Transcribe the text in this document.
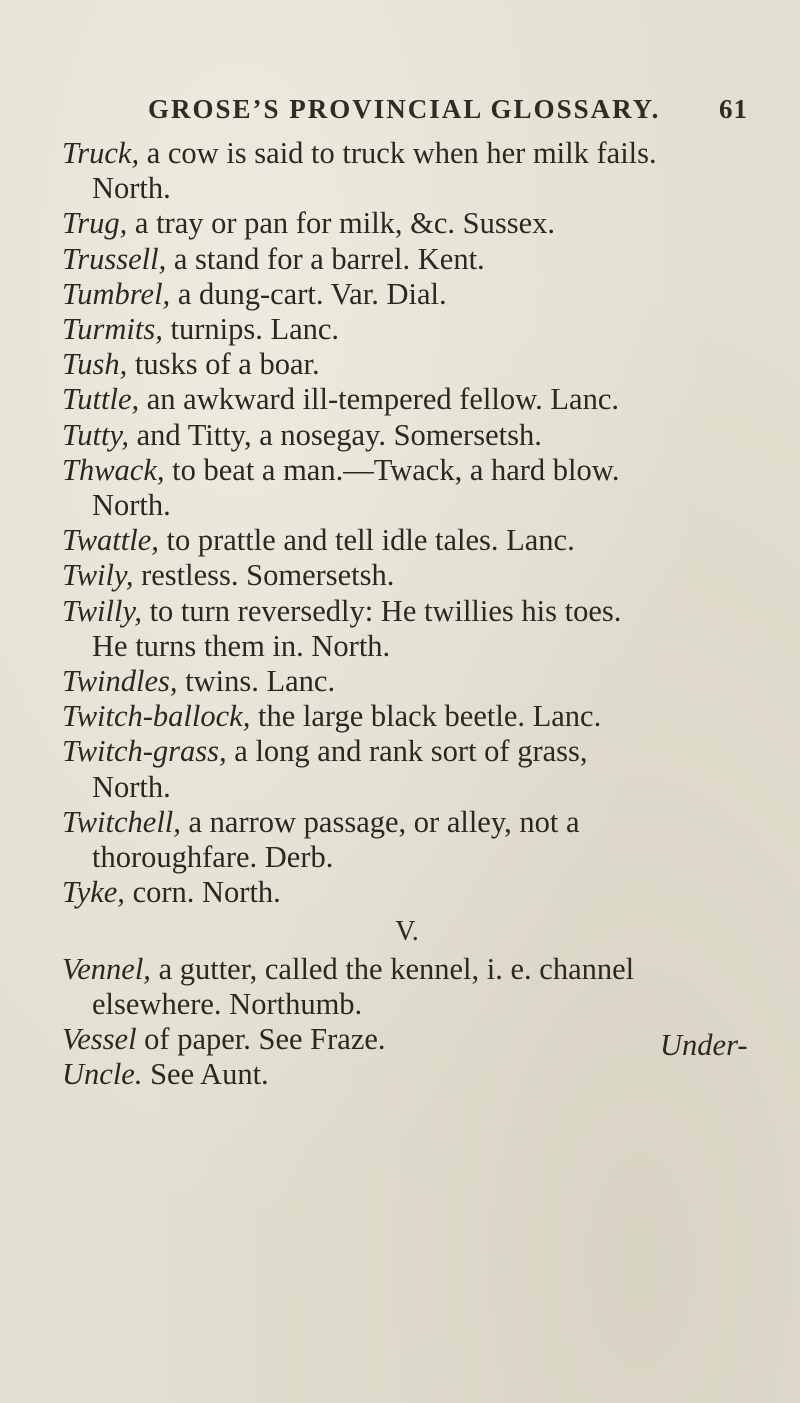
GROSE’S PROVINCIAL GLOSSARY. 61

Truck, a cow is said to truck when her milk fails.
North.

Trug, a tray or pan for milk, &c. Sussex.

Trussell, a stand for a barrel. Kent.

Tumbrel, a dung-cart. Var. Dial.

Turmits, turnips. Lanc.

Tush, tusks of a boar.

Tuttle, an awkward ill-tempered fellow. Lanc.

Tutty, and Titty, a nosegay. Somersetsh.

Thwack, to beat a man.—Twack, a hard blow.
North.

Twattle, to prattle and tell idle tales. Lanc.

Twily, restless. Somersetsh.

Twilly, to turn reversedly: He twillies his toes.
He turns them in. North.

Twindles, twins. Lanc.

Twitch-ballock, the large black beetle. Lanc.

Twitch-grass, a long and rank sort of grass,
North.

Twitchell, a narrow passage, or alley, not a
thoroughfare. Derb.

Tyke, corn. North.

V.

Vennel, a gutter, called the kennel, i. e. channel
elsewhere. Northumb.

Vessel of paper. See Fraze.

Uncle. See Aunt.

Under-
